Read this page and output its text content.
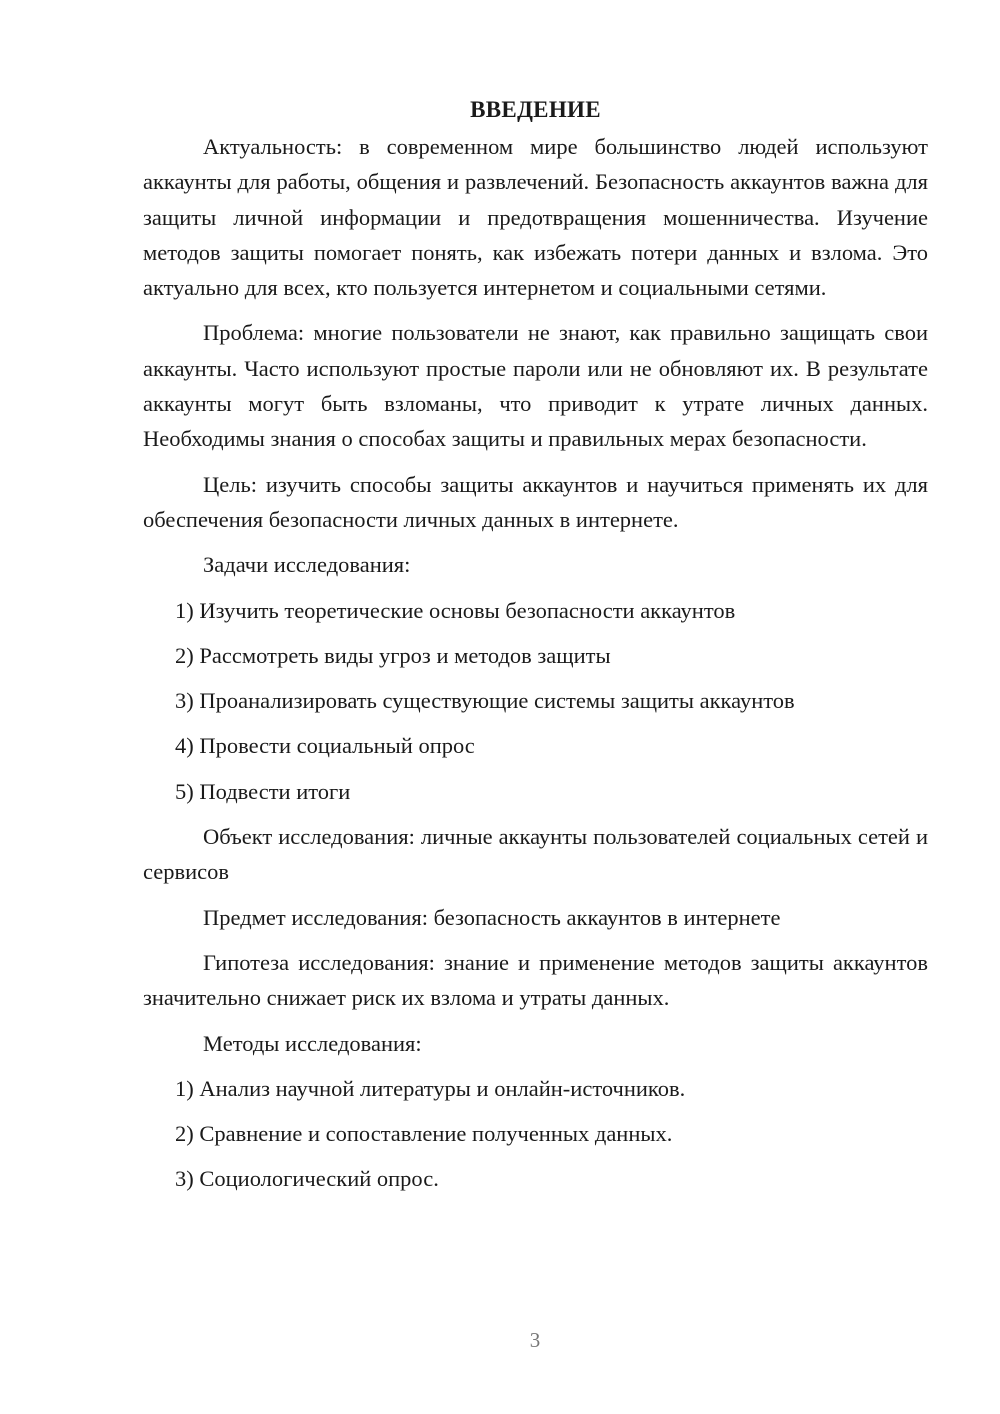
ВВЕДЕНИЕ

Актуальность: в современном мире большинство людей используют аккаунты для работы, общения и развлечений. Безопасность аккаунтов важна для защиты личной информации и предотвращения мошенничества. Изучение методов защиты помогает понять, как избежать потери данных и взлома. Это актуально для всех, кто пользуется интернетом и социальными сетями.

Проблема: многие пользователи не знают, как правильно защищать свои аккаунты. Часто используют простые пароли или не обновляют их. В результате аккаунты могут быть взломаны, что приводит к утрате личных данных. Необходимы знания о способах защиты и правильных мерах безопасности.

Цель: изучить способы защиты аккаунтов и научиться применять их для обеспечения безопасности личных данных в интернете.

Задачи исследования:

1) Изучить теоретические основы безопасности аккаунтов
2) Рассмотреть виды угроз и методов защиты
3) Проанализировать существующие системы защиты аккаунтов
4) Провести социальный опрос
5) Подвести итоги

Объект исследования: личные аккаунты пользователей социальных сетей и сервисов

Предмет исследования: безопасность аккаунтов в интернете

Гипотеза исследования: знание и применение методов защиты аккаунтов значительно снижает риск их взлома и утраты данных.

Методы исследования:

1) Анализ научной литературы и онлайн-источников.
2) Сравнение и сопоставление полученных данных.
3) Социологический опрос.
3
